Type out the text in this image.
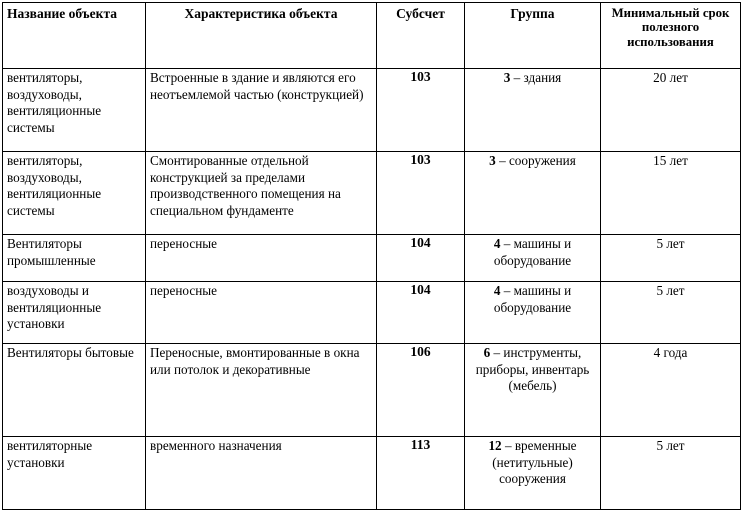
Название объекта	Характеристика объекта	Субсчет	Группа	Минимальный срок полезного использования
вентиляторы, воздуховоды, вентиляционные системы	Встроенные в здание и являются его неотъемлемой частью (конструкцией)	103	3 – здания	20 лет
вентиляторы, воздуховоды, вентиляционные системы	Смонтированные отдельной конструкцией за пределами производственного помещения на специальном фундаменте	103	3 – сооружения	15 лет
Вентиляторы промышленные	переносные	104	4 – машины и оборудование	5 лет
воздуховоды и вентиляционные установки	переносные	104	4 – машины и оборудование	5 лет
Вентиляторы бытовые	Переносные, вмонтированные в окна или потолок и декоративные	106	6 – инструменты, приборы, инвентарь (мебель)	4 года
вентиляторные установки	временного назначения	113	12 – временные (нетитульные) сооружения	5 лет
